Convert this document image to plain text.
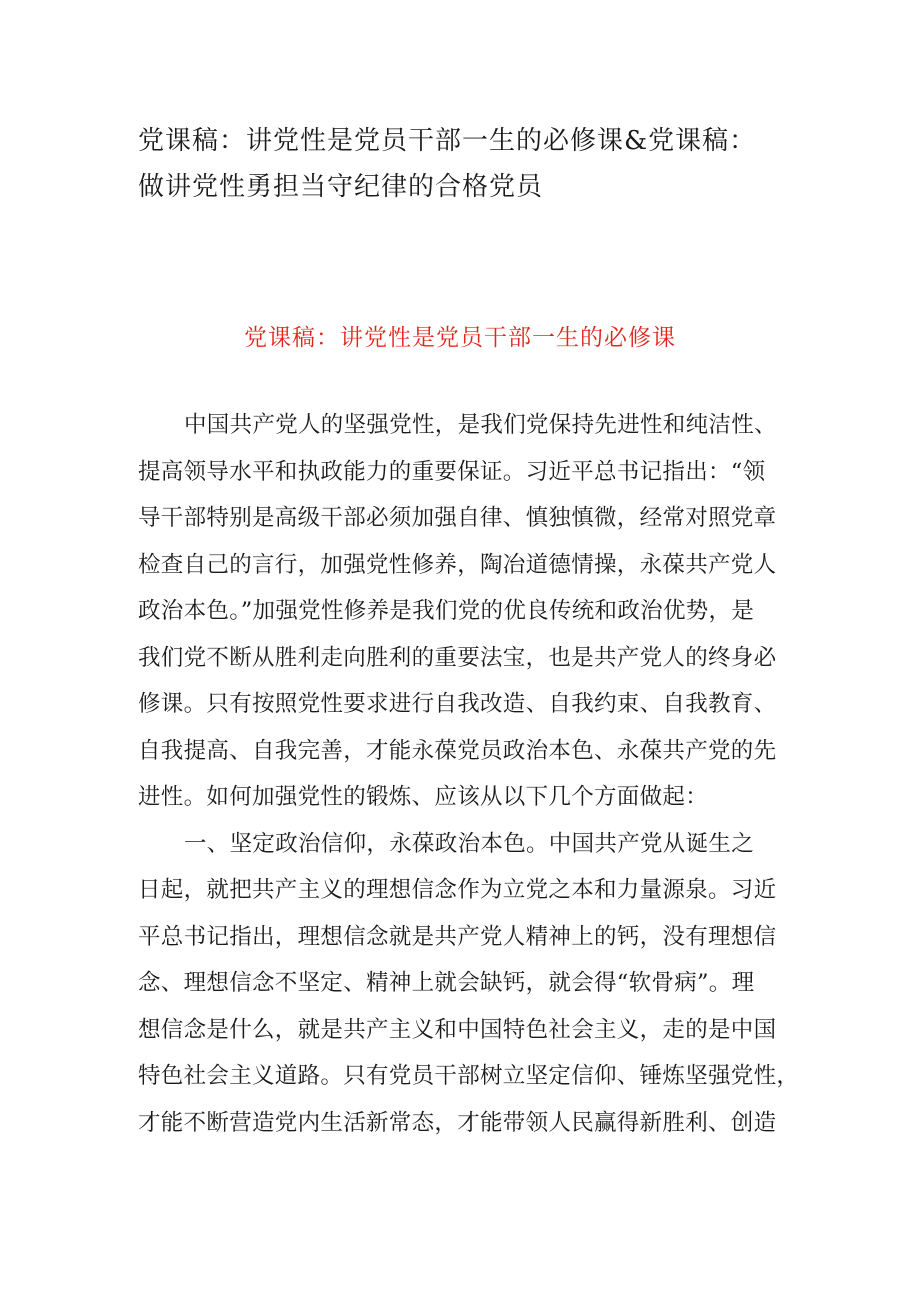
党课稿：讲党性是党员干部一生的必修课&党课稿：
做讲党性勇担当守纪律的合格党员
党课稿：讲党性是党员干部一生的必修课
中国共产党人的坚强党性，是我们党保持先进性和纯洁性、
提高领导水平和执政能力的重要保证。习近平总书记指出：“领
导干部特别是高级干部必须加强自律、慎独慎微，经常对照党章
检查自己的言行，加强党性修养，陶冶道德情操，永葆共产党人
政治本色。”加强党性修养是我们党的优良传统和政治优势，是
我们党不断从胜利走向胜利的重要法宝，也是共产党人的终身必
修课。只有按照党性要求进行自我改造、自我约束、自我教育、
自我提高、自我完善，才能永葆党员政治本色、永葆共产党的先
进性。如何加强党性的锻炼、应该从以下几个方面做起：
一、坚定政治信仰，永葆政治本色。中国共产党从诞生之
日起，就把共产主义的理想信念作为立党之本和力量源泉。习近
平总书记指出，理想信念就是共产党人精神上的钙，没有理想信
念、理想信念不坚定、精神上就会缺钙，就会得“软骨病”。理
想信念是什么，就是共产主义和中国特色社会主义，走的是中国
特色社会主义道路。只有党员干部树立坚定信仰、锤炼坚强党性，
才能不断营造党内生活新常态，才能带领人民赢得新胜利、创造
